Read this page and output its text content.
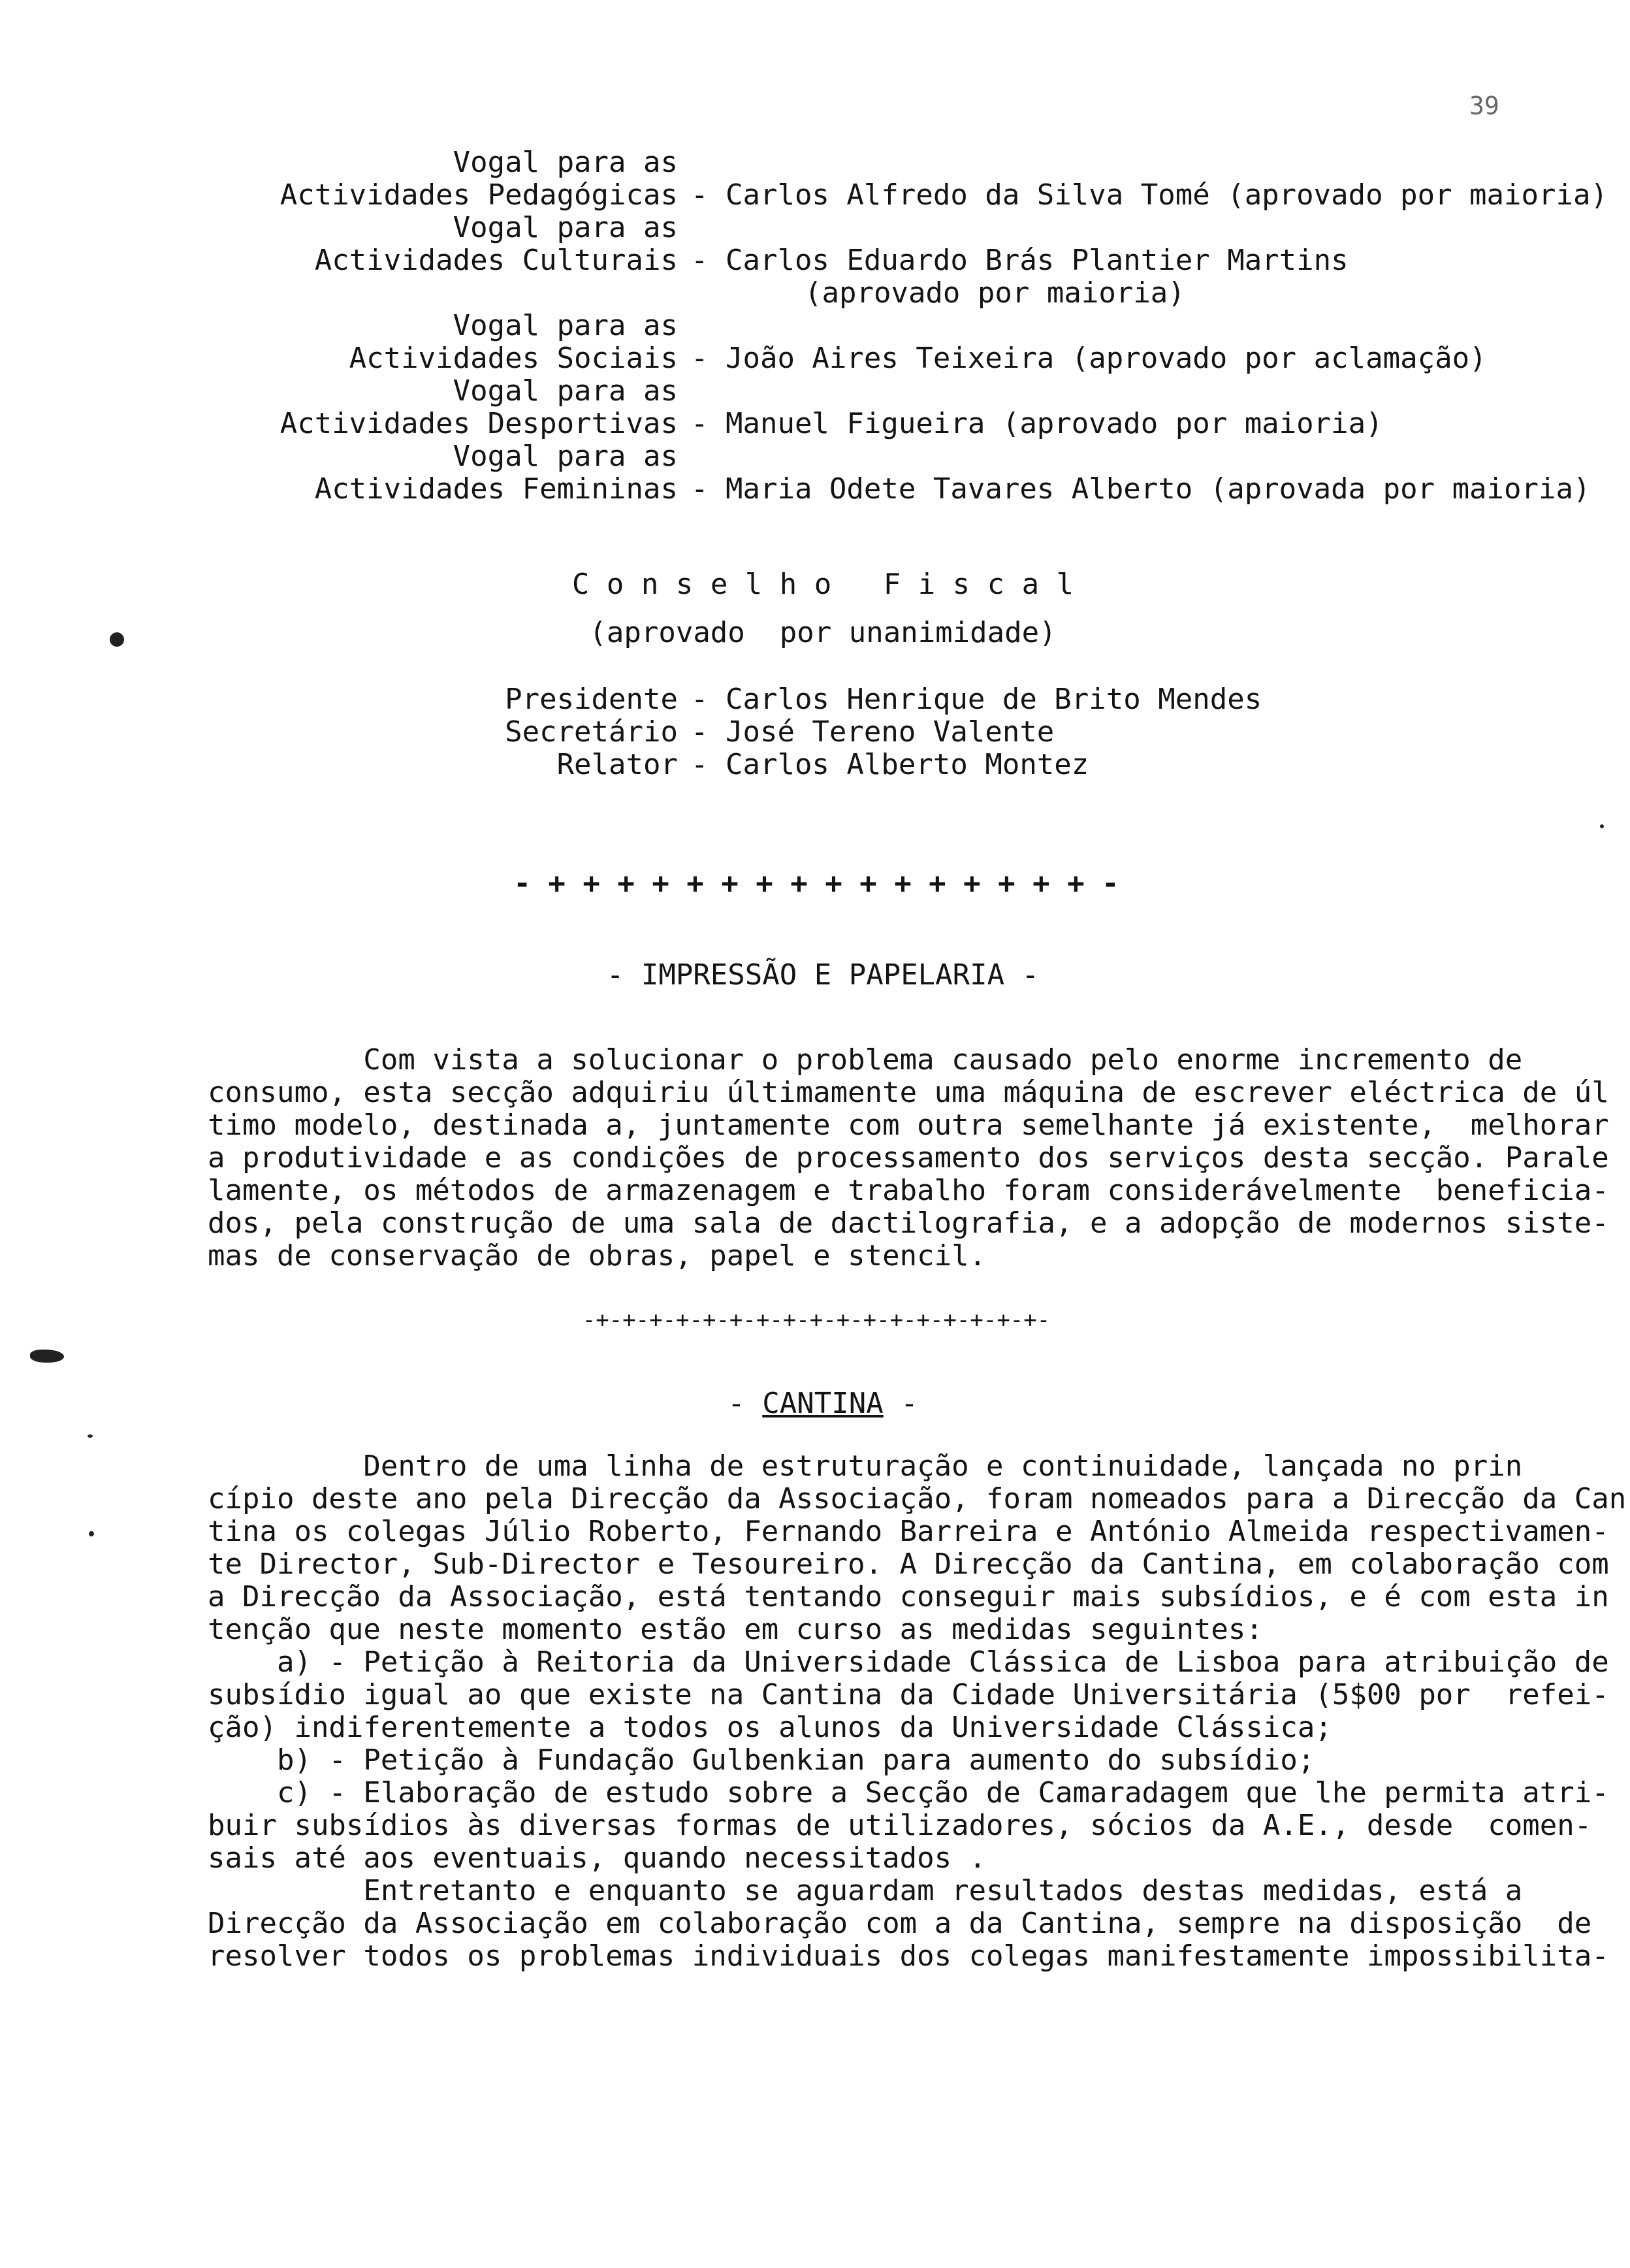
39
Vogal para as
Actividades Pedagógicas - Carlos Alfredo da Silva Tomé (aprovado por maioria)
Vogal para as
Actividades Culturais - Carlos Eduardo Brás Plantier Martins
(aprovado por maioria)
Vogal para as
Actividades Sociais - João Aires Teixeira (aprovado por aclamação)
Vogal para as
Actividades Desportivas - Manuel Figueira (aprovado por maioria)
Vogal para as
Actividades Femininas - Maria Odete Tavares Alberto (aprovada por maioria)
C o n s e l h o   F i s c a l
(aprovado  por unanimidade)
Presidente - Carlos Henrique de Brito Mendes
Secretário - José Tereno Valente
Relator - Carlos Alberto Montez
- + + + + + + + + + + + + + + + + -
- IMPRESSÃO E PAPELARIA -
Com vista a solucionar o problema causado pelo enorme incremento de
consumo, esta secção adquiriu últimamente uma máquina de escrever eléctrica de úl
timo modelo, destinada a, juntamente com outra semelhante já existente,  melhorar
a produtividade e as condições de processamento dos serviços desta secção. Parale
lamente, os métodos de armazenagem e trabalho foram considerávelmente  beneficia-
dos, pela construção de uma sala de dactilografia, e a adopção de modernos siste-
mas de conservação de obras, papel e stencil.
-+-+-+-+-+-+-+-+-+-+-+-+-+-+-+-+-+-
- CANTINA -
Dentro de uma linha de estruturação e continuidade, lançada no prin
cípio deste ano pela Direcção da Associação, foram nomeados para a Direcção da Can
tina os colegas Júlio Roberto, Fernando Barreira e António Almeida respectivamen-
te Director, Sub-Director e Tesoureiro. A Direcção da Cantina, em colaboração com
a Direcção da Associação, está tentando conseguir mais subsídios, e é com esta in
tenção que neste momento estão em curso as medidas seguintes:
a) - Petição à Reitoria da Universidade Clássica de Lisboa para atribuição de
subsídio igual ao que existe na Cantina da Cidade Universitária (5$00 por  refei-
ção) indiferentemente a todos os alunos da Universidade Clássica;
b) - Petição à Fundação Gulbenkian para aumento do subsídio;
c) - Elaboração de estudo sobre a Secção de Camaradagem que lhe permita atri-
buir subsídios às diversas formas de utilizadores, sócios da A.E., desde  comen-
sais até aos eventuais, quando necessitados .
Entretanto e enquanto se aguardam resultados destas medidas, está a
Direcção da Associação em colaboração com a da Cantina, sempre na disposição  de
resolver todos os problemas individuais dos colegas manifestamente impossibilita-
